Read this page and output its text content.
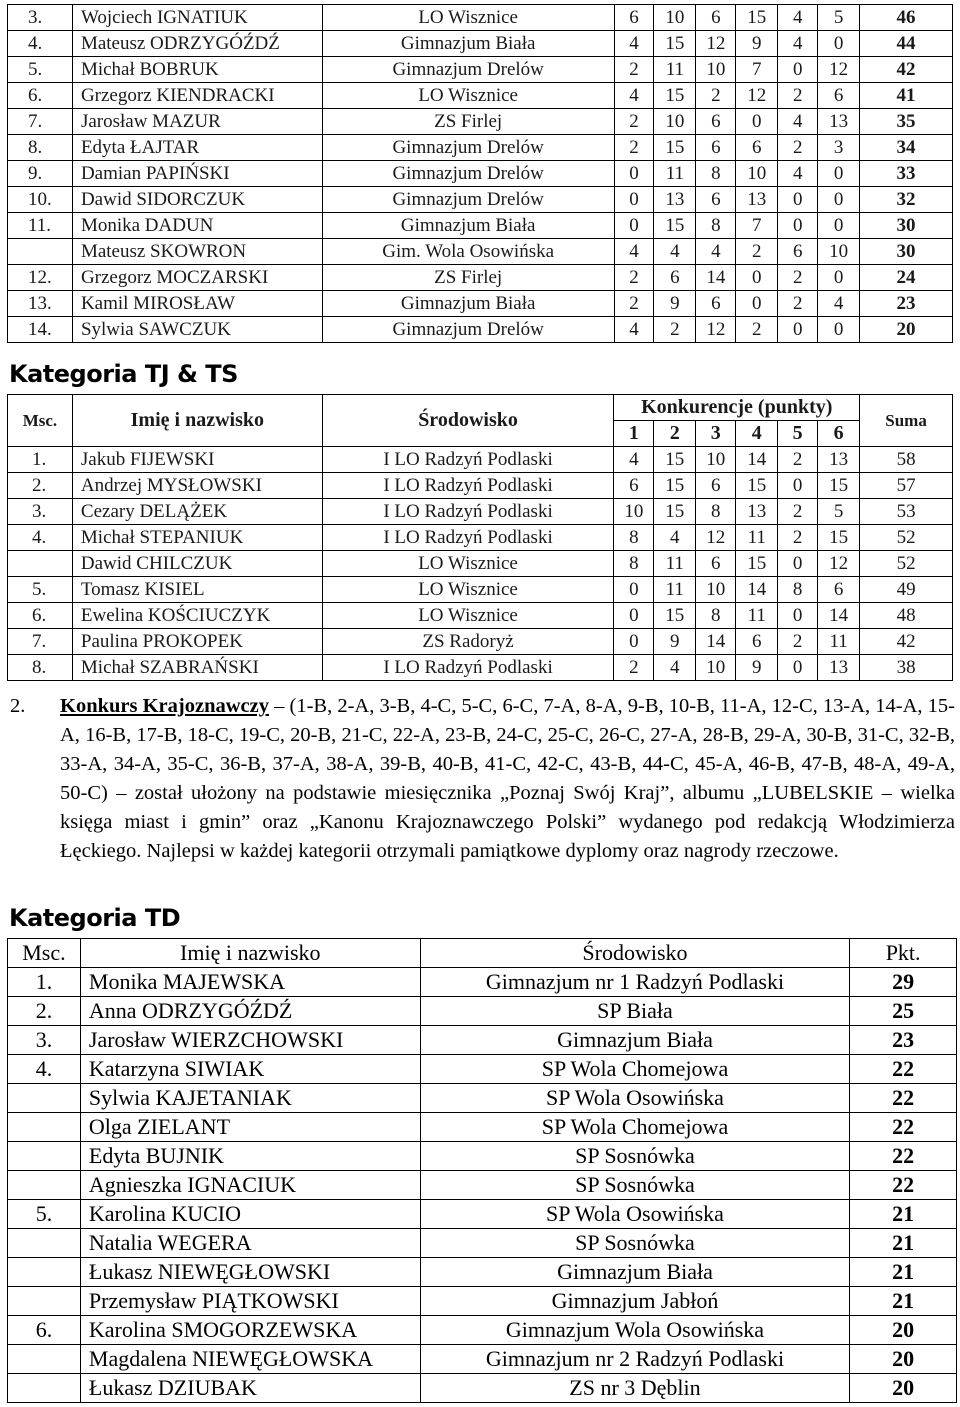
3.	Wojciech IGNATIUK	LO Wisznice	6	10	6	15	4	5	46
4.	Mateusz ODRZYGÓŹDŹ	Gimnazjum Biała	4	15	12	9	4	0	44
5.	Michał BOBRUK	Gimnazjum Drelów	2	11	10	7	0	12	42
6.	Grzegorz KIENDRACKI	LO Wisznice	4	15	2	12	2	6	41
7.	Jarosław MAZUR	ZS Firlej	2	10	6	0	4	13	35
8.	Edyta ŁAJTAR	Gimnazjum Drelów	2	15	6	6	2	3	34
9.	Damian PAPIŃSKI	Gimnazjum Drelów	0	11	8	10	4	0	33
10.	Dawid SIDORCZUK	Gimnazjum Drelów	0	13	6	13	0	0	32
11.	Monika DADUN	Gimnazjum Biała	0	15	8	7	0	0	30
	Mateusz SKOWRON	Gim. Wola Osowińska	4	4	4	2	6	10	30
12.	Grzegorz MOCZARSKI	ZS Firlej	2	6	14	0	2	0	24
13.	Kamil MIROSŁAW	Gimnazjum Biała	2	9	6	0	2	4	23
14.	Sylwia SAWCZUK	Gimnazjum Drelów	4	2	12	2	0	0	20
Kategoria TJ & TS
Msc.	Imię i nazwisko	Środowisko	Konkurencje (punkty)						Suma
			1	2	3	4	5	6	
1.	Jakub FIJEWSKI	I LO Radzyń Podlaski	4	15	10	14	2	13	58
2.	Andrzej MYSŁOWSKI	I LO Radzyń Podlaski	6	15	6	15	0	15	57
3.	Cezary DELĄŻEK	I LO Radzyń Podlaski	10	15	8	13	2	5	53
4.	Michał STEPANIUK	I LO Radzyń Podlaski	8	4	12	11	2	15	52
	Dawid CHILCZUK	LO Wisznice	8	11	6	15	0	12	52
5.	Tomasz KISIEL	LO Wisznice	0	11	10	14	8	6	49
6.	Ewelina KOŚCIUCZYK	LO Wisznice	0	15	8	11	0	14	48
7.	Paulina PROKOPEK	ZS Radoryż	0	9	14	6	2	11	42
8.	Michał SZABRAŃSKI	I LO Radzyń Podlaski	2	4	10	9	0	13	38
2. Konkurs Krajoznawczy – (1-B, 2-A, 3-B, 4-C, 5-C, 6-C, 7-A, 8-A, 9-B, 10-B, 11-A, 12-C, 13-A, 14-A, 15-A, 16-B, 17-B, 18-C, 19-C, 20-B, 21-C, 22-A, 23-B, 24-C, 25-C, 26-C, 27-A, 28-B, 29-A, 30-B, 31-C, 32-B, 33-A, 34-A, 35-C, 36-B, 37-A, 38-A, 39-B, 40-B, 41-C, 42-C, 43-B, 44-C, 45-A, 46-B, 47-B, 48-A, 49-A, 50-C) – został ułożony na podstawie miesięcznika „Poznaj Swój Kraj”, albumu „LUBELSKIE – wielka księga miast i gmin” oraz „Kanonu Krajoznawczego Polski” wydanego pod redakcją Włodzimierza Łęckiego. Najlepsi w każdej kategorii otrzymali pamiątkowe dyplomy oraz nagrody rzeczowe.
Kategoria TD
Msc.	Imię i nazwisko	Środowisko	Pkt.
1.	Monika MAJEWSKA	Gimnazjum nr 1 Radzyń Podlaski	29
2.	Anna ODRZYGÓŹDŹ	SP Biała	25
3.	Jarosław WIERZCHOWSKI	Gimnazjum Biała	23
4.	Katarzyna SIWIAK	SP Wola Chomejowa	22
	Sylwia KAJETANIAK	SP Wola Osowińska	22
	Olga ZIELANT	SP Wola Chomejowa	22
	Edyta BUJNIK	SP Sosnówka	22
	Agnieszka IGNACIUK	SP Sosnówka	22
5.	Karolina KUCIO	SP Wola Osowińska	21
	Natalia WEGERA	SP Sosnówka	21
	Łukasz NIEWĘGŁOWSKI	Gimnazjum Biała	21
	Przemysław PIĄTKOWSKI	Gimnazjum Jabłoń	21
6.	Karolina SMOGORZEWSKA	Gimnazjum Wola Osowińska	20
	Magdalena NIEWĘGŁOWSKA	Gimnazjum nr 2 Radzyń Podlaski	20
	Łukasz DZIUBAK	ZS nr 3 Dęblin	20
